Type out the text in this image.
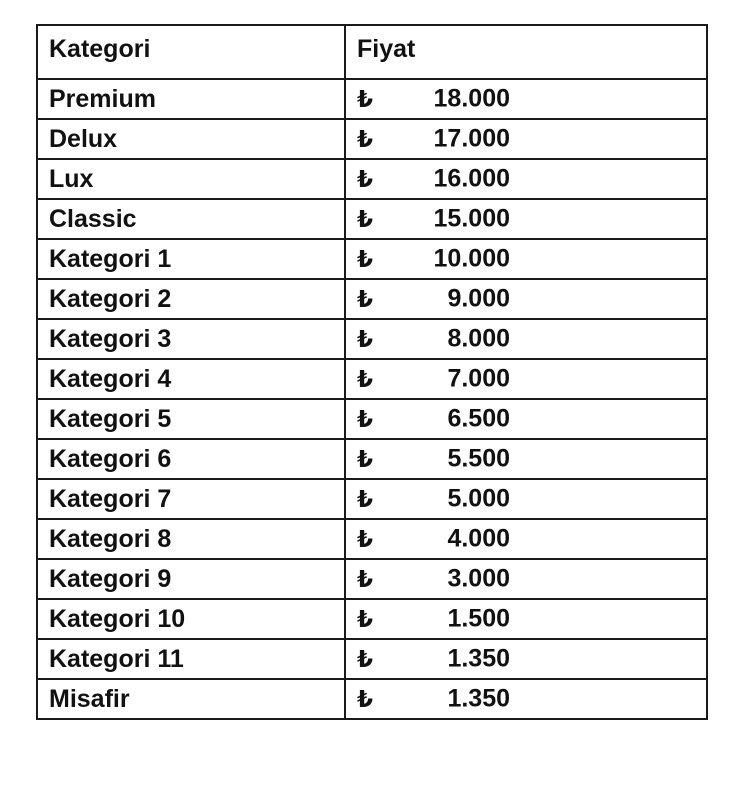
Kategori	Fiyat
Premium	₺ 18.000

Delux	₺ 17.000

Lux	₺ 16.000

Classic	₺ 15.000

Kategori 1	₺ 10.000

Kategori 2	₺ 9.000

Kategori 3	₺ 8.000

Kategori 4	₺ 7.000

Kategori 5	₺ 6.500

Kategori 6	₺ 5.500

Kategori 7	₺ 5.000

Kategori 8	₺ 4.000

Kategori 9	₺ 3.000

Kategori 10	₺ 1.500

Kategori 11	₺ 1.350

Misafir	₺ 1.350
